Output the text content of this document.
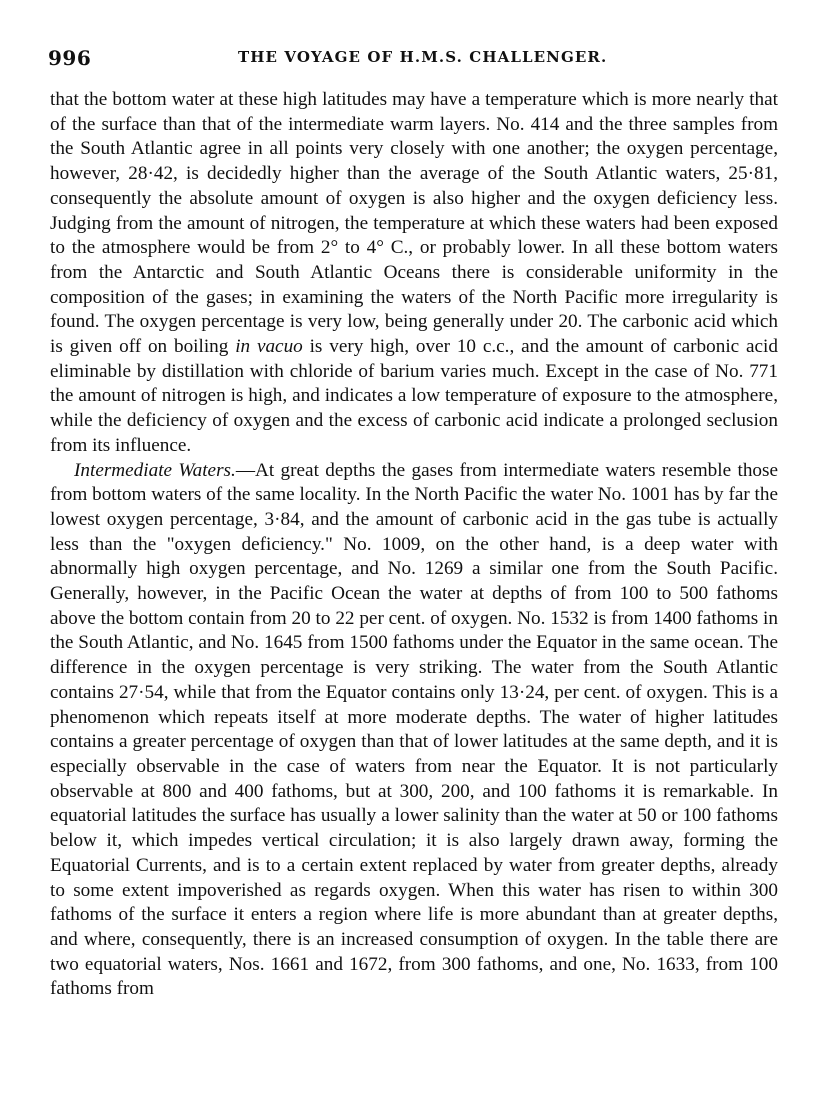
996	THE VOYAGE OF H.M.S. CHALLENGER.

that the bottom water at these high latitudes may have a temperature which is more nearly that of the surface than that of the intermediate warm layers. No. 414 and the three samples from the South Atlantic agree in all points very closely with one another; the oxygen percentage, however, 28·42, is decidedly higher than the average of the South Atlantic waters, 25·81, consequently the absolute amount of oxygen is also higher and the oxygen deficiency less. Judging from the amount of nitrogen, the temperature at which these waters had been exposed to the atmosphere would be from 2° to 4° C., or probably lower. In all these bottom waters from the Antarctic and South Atlantic Oceans there is considerable uniformity in the composition of the gases; in examining the waters of the North Pacific more irregularity is found. The oxygen percentage is very low, being generally under 20. The carbonic acid which is given off on boiling in vacuo is very high, over 10 c.c., and the amount of carbonic acid eliminable by distillation with chloride of barium varies much. Except in the case of No. 771 the amount of nitrogen is high, and indicates a low temperature of exposure to the atmosphere, while the deficiency of oxygen and the excess of carbonic acid indicate a prolonged seclusion from its influence.

Intermediate Waters.—At great depths the gases from intermediate waters resemble those from bottom waters of the same locality. In the North Pacific the water No. 1001 has by far the lowest oxygen percentage, 3·84, and the amount of carbonic acid in the gas tube is actually less than the "oxygen deficiency." No. 1009, on the other hand, is a deep water with abnormally high oxygen percentage, and No. 1269 a similar one from the South Pacific. Generally, however, in the Pacific Ocean the water at depths of from 100 to 500 fathoms above the bottom contain from 20 to 22 per cent. of oxygen. No. 1532 is from 1400 fathoms in the South Atlantic, and No. 1645 from 1500 fathoms under the Equator in the same ocean. The difference in the oxygen percentage is very striking. The water from the South Atlantic contains 27·54, while that from the Equator contains only 13·24, per cent. of oxygen. This is a phenomenon which repeats itself at more moderate depths. The water of higher latitudes contains a greater percentage of oxygen than that of lower latitudes at the same depth, and it is especially observable in the case of waters from near the Equator. It is not particularly observable at 800 and 400 fathoms, but at 300, 200, and 100 fathoms it is remarkable. In equatorial latitudes the surface has usually a lower salinity than the water at 50 or 100 fathoms below it, which impedes vertical circulation; it is also largely drawn away, forming the Equatorial Currents, and is to a certain extent replaced by water from greater depths, already to some extent impoverished as regards oxygen. When this water has risen to within 300 fathoms of the surface it enters a region where life is more abundant than at greater depths, and where, consequently, there is an increased consumption of oxygen. In the table there are two equatorial waters, Nos. 1661 and 1672, from 300 fathoms, and one, No. 1633, from 100 fathoms from
